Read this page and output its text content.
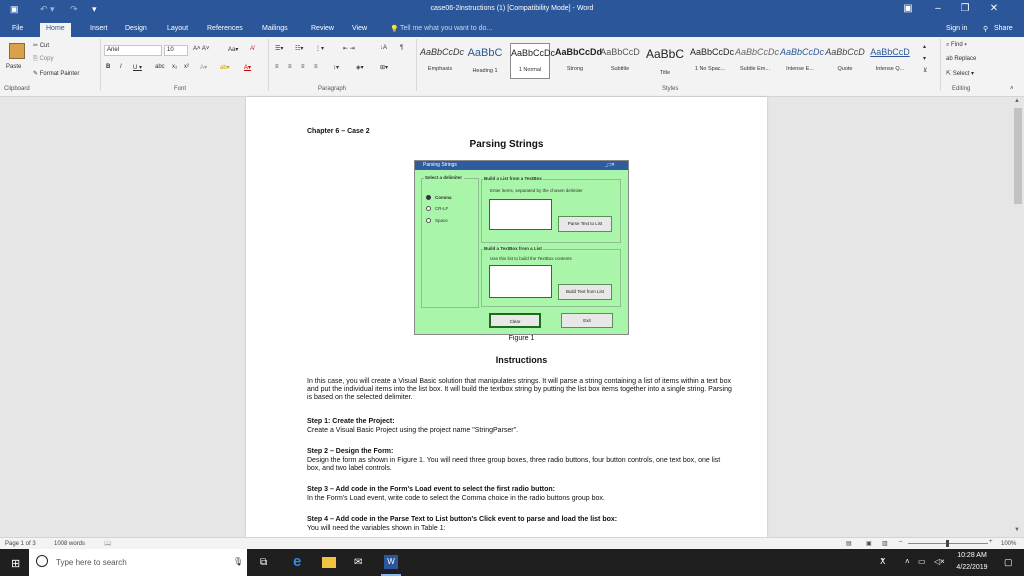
▣ ↶ ▾ ↷ ▾	case06-2instructions (1) [Compatibility Mode] - Word	▣	–	❐	✕
File	Home	Insert Design	Layout	References	Mailings	Review	View	💡 Tell me what you want to do...	Sign in ⚲ Share
Paste
✂ Cut
⎘ Copy
✎ Format Painter
Clipboard
Ariel	10	A˄ A˅	Aa▾ A̸
B I U ▾ abc x₂ x² A▾ ab▾ A▾
Font
☰▾ ☷▾ ⋮▾	⇤ ⇥	↓A ¶
≡ ≡ ≡ ≡	↕▾	◈▾	⊞▾
Paragraph
AaBbCcDc
Emphasis
AaBbC
Heading 1
AaBbCcDc
1 Normal
AaBbCcDd
Strong
AaBbCcD
Subtitle
AaBbC
Title
AaBbCcDc
1 No Spac...
AaBbCcDc
Subtle Em...
AaBbCcDc
Intense E...
AaBbCcD
Quote
AaBbCcD
Intense Q...
▴
▾
⊻
Styles
⌕ Find ▾
ab Replace
⇱ Select ▾
Editing	˄
Chapter 6 – Case 2
Parsing Strings
Figure 1
Instructions
In this case, you will create a Visual Basic solution that manipulates strings. It will parse a string containing a list of items within a text box and put the individual items into the list box. It will build the textbox string by putting the list box items together into a single string. Parsing is based on the selected delimiter.
Step 1: Create the Project:
Create a Visual Basic Project using the project name "StringParser".
Step 2 – Design the Form:
Design the form as shown in Figure 1. You will need three group boxes, three radio buttons, four button controls, one text box, one list box, and two label controls.
Step 3 – Add code in the Form's Load event to select the first radio button:
In the Form's Load event, write code to select the Comma choice in the radio buttons group box.
Step 4 – Add code in the Parse Text to List button's Click event to parse and load the list box:
You will need the variables shown in Table 1:
Parsing Strings	_□✕
Select a delimiter
Comma
CR-LF
Space
Build a List from a TextBox
Enter items, separated by the chosen delimiter
Parse Text to List
Build a TextBox from a List
Use this list to build the TextBox contents
Build Text from List
Clear	Exit
▲
▼
Page 1 of 3	1008 words	📖	▤ ▣ ▥ –	+ 100%
⊞	Type here to search	🎙 ⧉ e	✉	W	ⵅ ˄ ▭ ◁×
10:28 AM
4/22/2019
▢
